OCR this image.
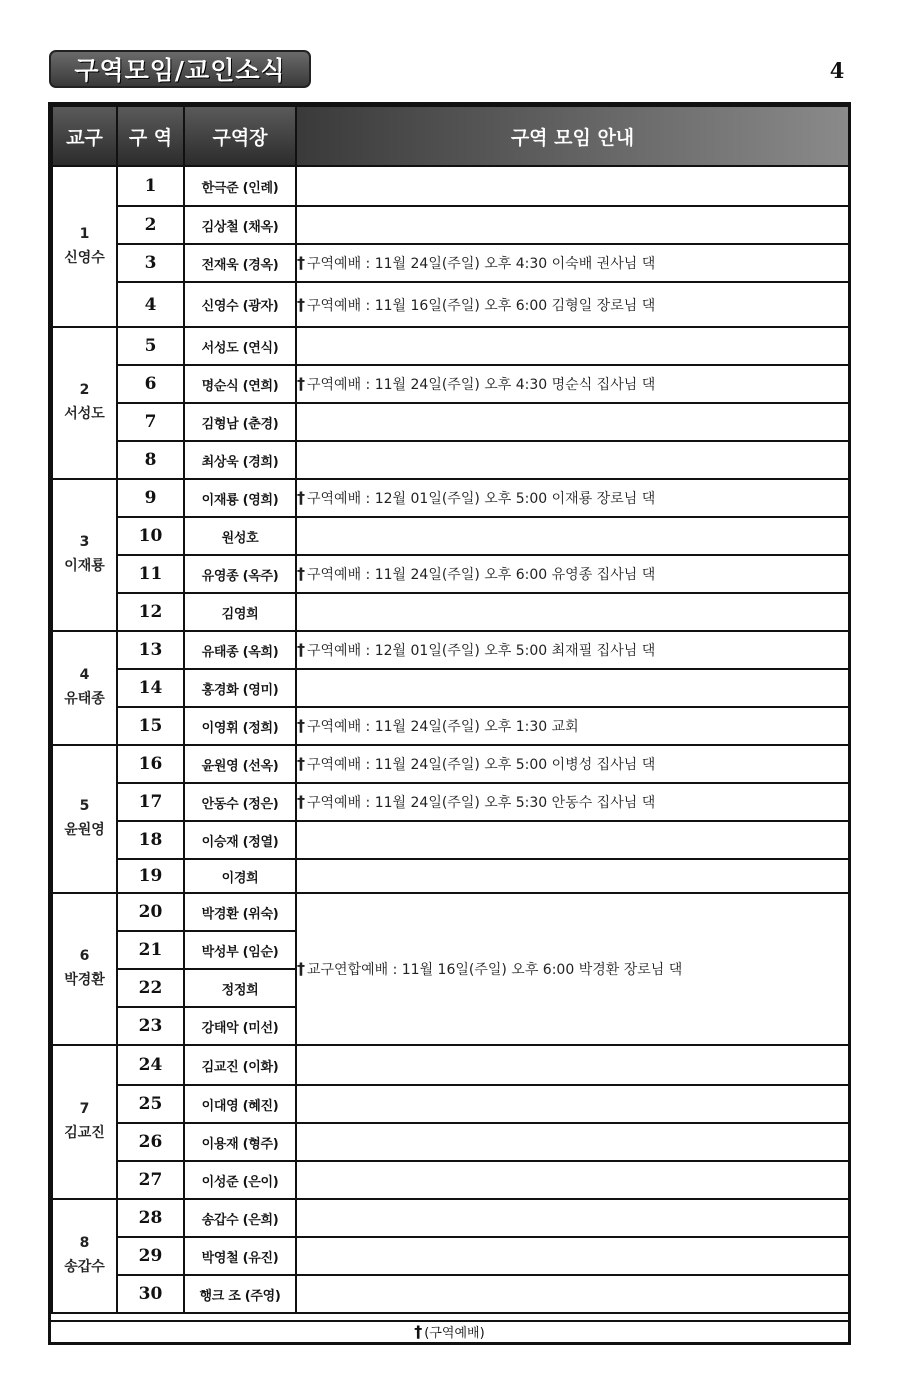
구역모임/교인소식	4
교구	구 역	구역장	구역 모임 안내

1
신영수	1	한극준 (인례)	
	2	김상철 (채옥)	
	3	전재욱 (경옥)	† 구역예배 : 11월 24일(주일) 오후 4:30 이숙배 권사님 댁
	4	신영수 (광자)	† 구역예배 : 11월 16일(주일) 오후 6:00 김형일 장로님 댁

2
서성도	5	서성도 (연식)	
	6	명순식 (연희)	† 구역예배 : 11월 24일(주일) 오후 4:30 명순식 집사님 댁
	7	김형남 (춘경)	
	8	최상욱 (경희)	

3
이재룡	9	이재룡 (영희)	† 구역예배 : 12월 01일(주일) 오후 5:00 이재룡 장로님 댁
	10	원성호	
	11	유영종 (옥주)	† 구역예배 : 11월 24일(주일) 오후 6:00 유영종 집사님 댁
	12	김영희	

4
유태종	13	유태종 (옥희)	† 구역예배 : 12월 01일(주일) 오후 5:00 최재필 집사님 댁
	14	홍경화 (영미)	
	15	이영휘 (정희)	† 구역예배 : 11월 24일(주일) 오후 1:30 교회

5
윤원영	16	윤원영 (선옥)	† 구역예배 : 11월 24일(주일) 오후 5:00 이병성 집사님 댁
	17	안동수 (정은)	† 구역예배 : 11월 24일(주일) 오후 5:30 안동수 집사님 댁
	18	이승재 (정열)	
	19	이경희	

6
박경환	20	박경환 (위숙)	† 교구연합예배 : 11월 16일(주일) 오후 6:00 박경환 장로님 댁
	21	박성부 (임순)	
	22	정정희	
	23	강태악 (미선)	

7
김교진	24	김교진 (이화)	
	25	이대영 (혜진)	
	26	이용재 (형주)	
	27	이성준 (은이)	

8
송갑수	28	송갑수 (은희)	
	29	박영철 (유진)	
	30	행크 조 (주영)	
† (구역예배)
